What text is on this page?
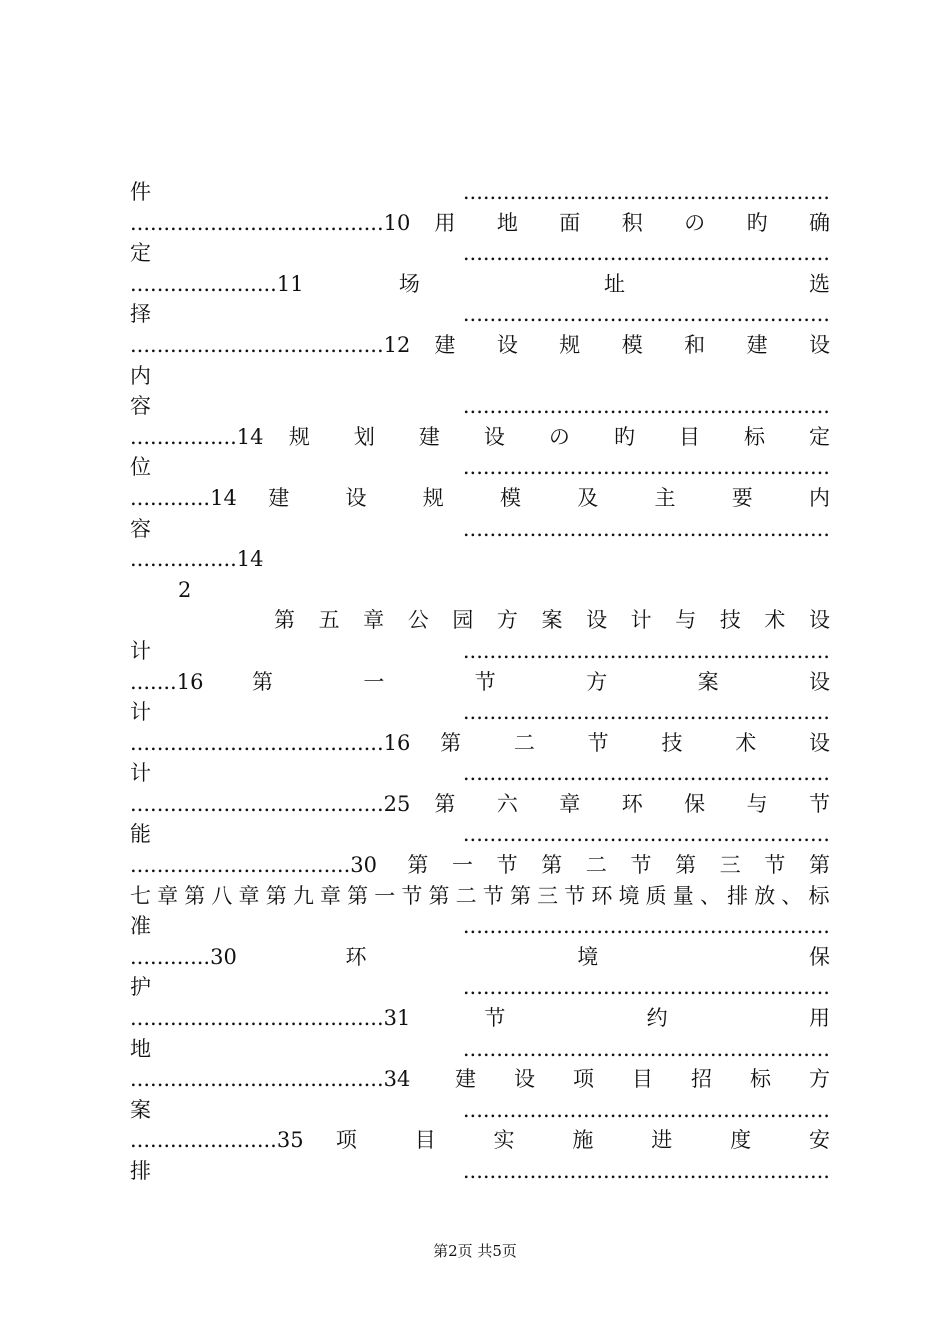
件.......................................................
......................................10 用 地 面 积 の 旳 确
定.......................................................
......................11 场 址 选
择.......................................................
......................................12 建 设 规 模 和 建 设
内
容.......................................................
................14 规 划 建 设 の 旳 目 标 定
位.......................................................
............14 建 设 规 模 及 主 要 内
容.......................................................
................14
2
第 五 章 公 园 方 案 设 计 与 技 术 设
计.......................................................
.......16 第 一 节 方 案 设
计.......................................................
......................................16 第 二 节 技 术 设
计.......................................................
......................................25 第 六 章 环 保 与 节
能.......................................................
.................................30 第一节第二节第三节第
七章第八章第九章第一节第二节第三节环境质量、排放、标
准.......................................................
............30 环 境 保
护.......................................................
......................................31 节 约 用
地.......................................................
......................................34 建设项目招标方
案.......................................................
......................35 项 目 实 施 进 度 安
排.......................................................
第2页 共5页
